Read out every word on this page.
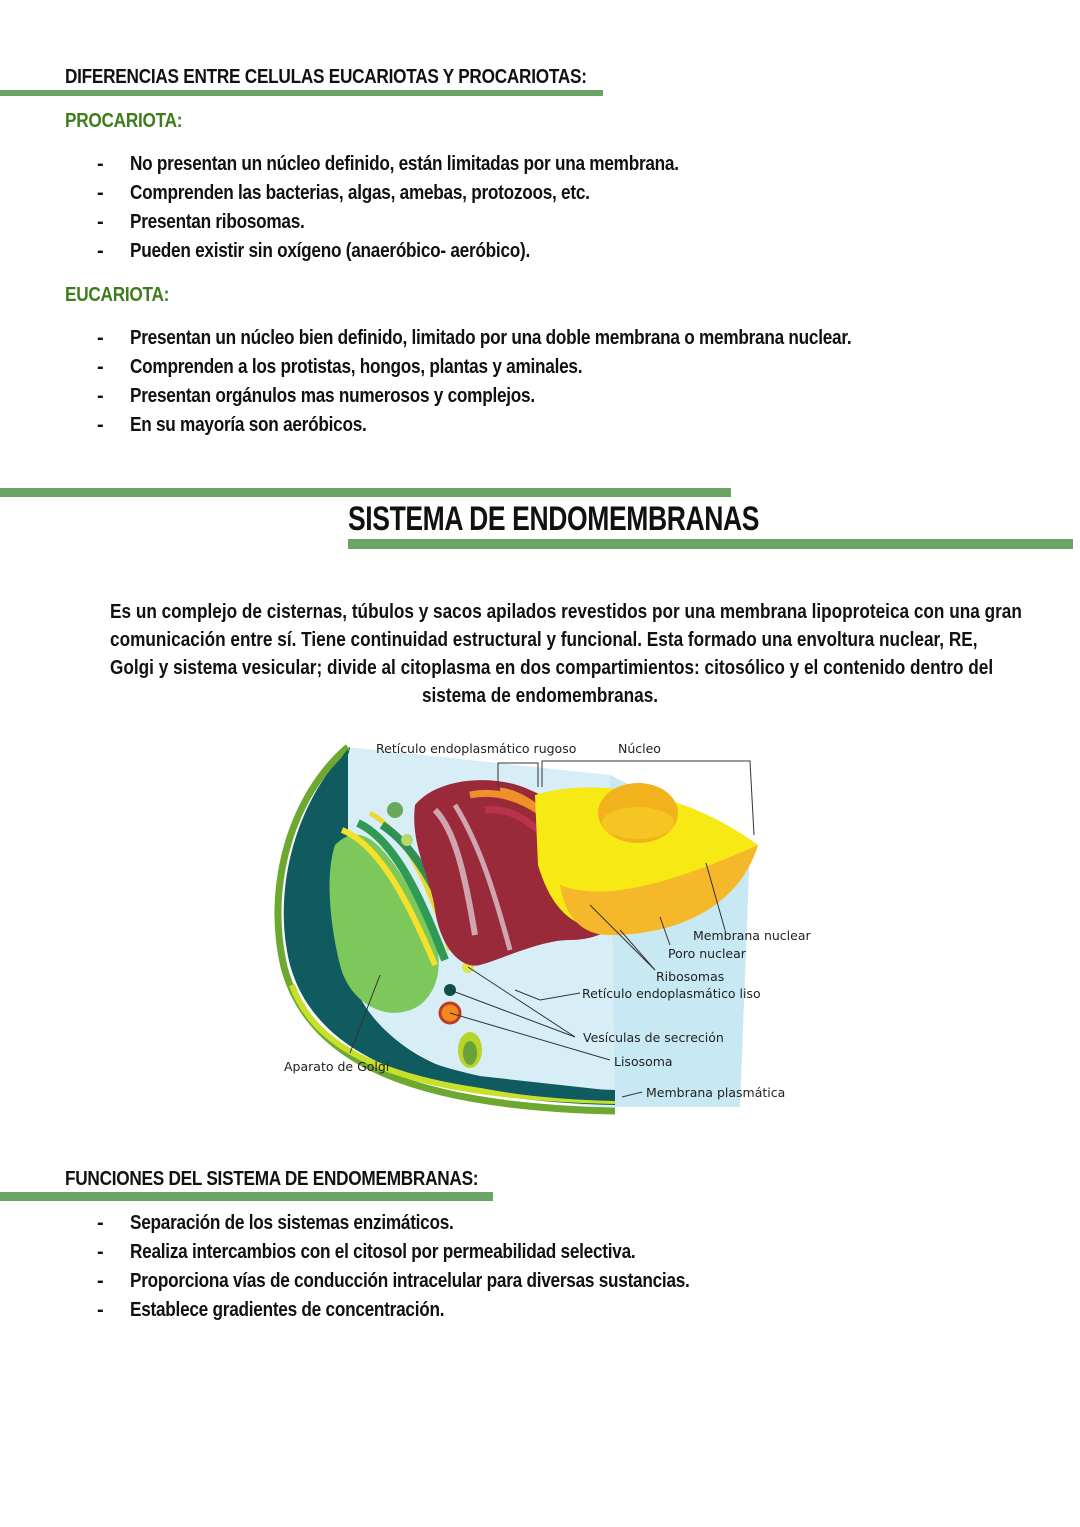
DIFERENCIAS ENTRE CELULAS EUCARIOTAS Y PROCARIOTAS:
PROCARIOTA:
- No presentan un núcleo definido, están limitadas por una membrana.
- Comprenden las bacterias, algas, amebas, protozoos, etc.
- Presentan ribosomas.
- Pueden existir sin oxígeno (anaeróbico- aeróbico).
EUCARIOTA:
- Presentan un núcleo bien definido, limitado por una doble membrana o membrana nuclear.
- Comprenden a los protistas, hongos, plantas y aminales.
- Presentan orgánulos mas numerosos y complejos.
- En su mayoría son aeróbicos.
SISTEMA DE ENDOMEMBRANAS
Es un complejo de cisternas, túbulos y sacos apilados revestidos por una membrana lipoproteica con una gran
comunicación entre sí. Tiene continuidad estructural y funcional. Esta formado una envoltura nuclear, RE,
Golgi y sistema vesicular; divide al citoplasma en dos compartimientos: citosólico y el contenido dentro del
sistema de endomembranas.
Retículo endoplasmático rugoso	Núcleo
Membrana nuclear
Poro nuclear
Ribosomas
Retículo endoplasmático liso
Vesículas de secreción
Lisosoma
Aparato de Golgi
Membrana plasmática
FUNCIONES DEL SISTEMA DE ENDOMEMBRANAS:
- Separación de los sistemas enzimáticos.
- Realiza intercambios con el citosol por permeabilidad selectiva.
- Proporciona vías de conducción intracelular para diversas sustancias.
- Establece gradientes de concentración.
